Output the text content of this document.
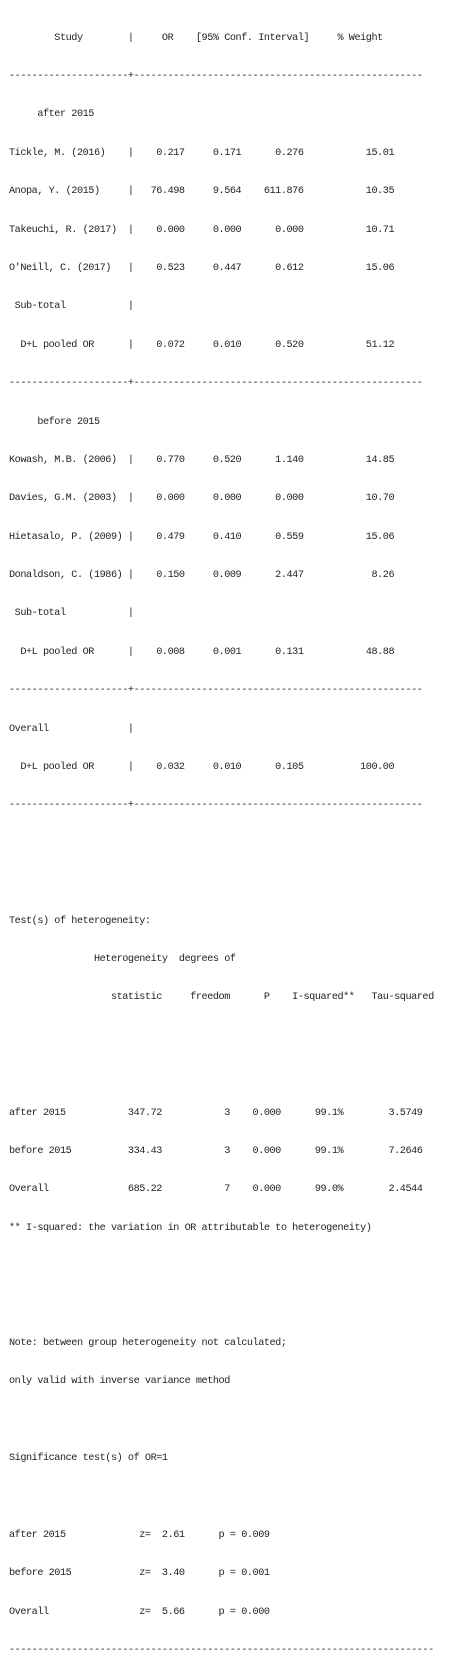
Study        |     OR    [95% Conf. Interval]     % Weight

---------------------+---------------------------------------------------

after 2015

Tickle, M. (2016)    |    0.217     0.171      0.276           15.01

Anopa, Y. (2015)     |   76.498     9.564    611.876           10.35

Takeuchi, R. (2017)  |    0.000     0.000      0.000           10.71

O'Neill, C. (2017)   |    0.523     0.447      0.612           15.06

Sub-total           |

D+L pooled OR      |    0.072     0.010      0.520           51.12

---------------------+---------------------------------------------------

before 2015

Kowash, M.B. (2006)  |    0.770     0.520      1.140           14.85

Davies, G.M. (2003)  |    0.000     0.000      0.000           10.70

Hietasalo, P. (2009) |    0.479     0.410      0.559           15.06

Donaldson, C. (1986) |    0.150     0.009      2.447            8.26

Sub-total           |

D+L pooled OR      |    0.008     0.001      0.131           48.88

---------------------+---------------------------------------------------

Overall              |

D+L pooled OR      |    0.032     0.010      0.105          100.00

---------------------+---------------------------------------------------

Test(s) of heterogeneity:

Heterogeneity  degrees of

statistic     freedom      P    I-squared**   Tau-squared

after 2015           347.72           3    0.000      99.1%        3.5749

before 2015          334.43           3    0.000      99.1%        7.2646

Overall              685.22           7    0.000      99.0%        2.4544

** I-squared: the variation in OR attributable to heterogeneity)

Note: between group heterogeneity not calculated;

only valid with inverse variance method

Significance test(s) of OR=1

after 2015             z=  2.61      p = 0.009

before 2015            z=  3.40      p = 0.001

Overall                z=  5.66      p = 0.000

---------------------------------------------------------------------------
